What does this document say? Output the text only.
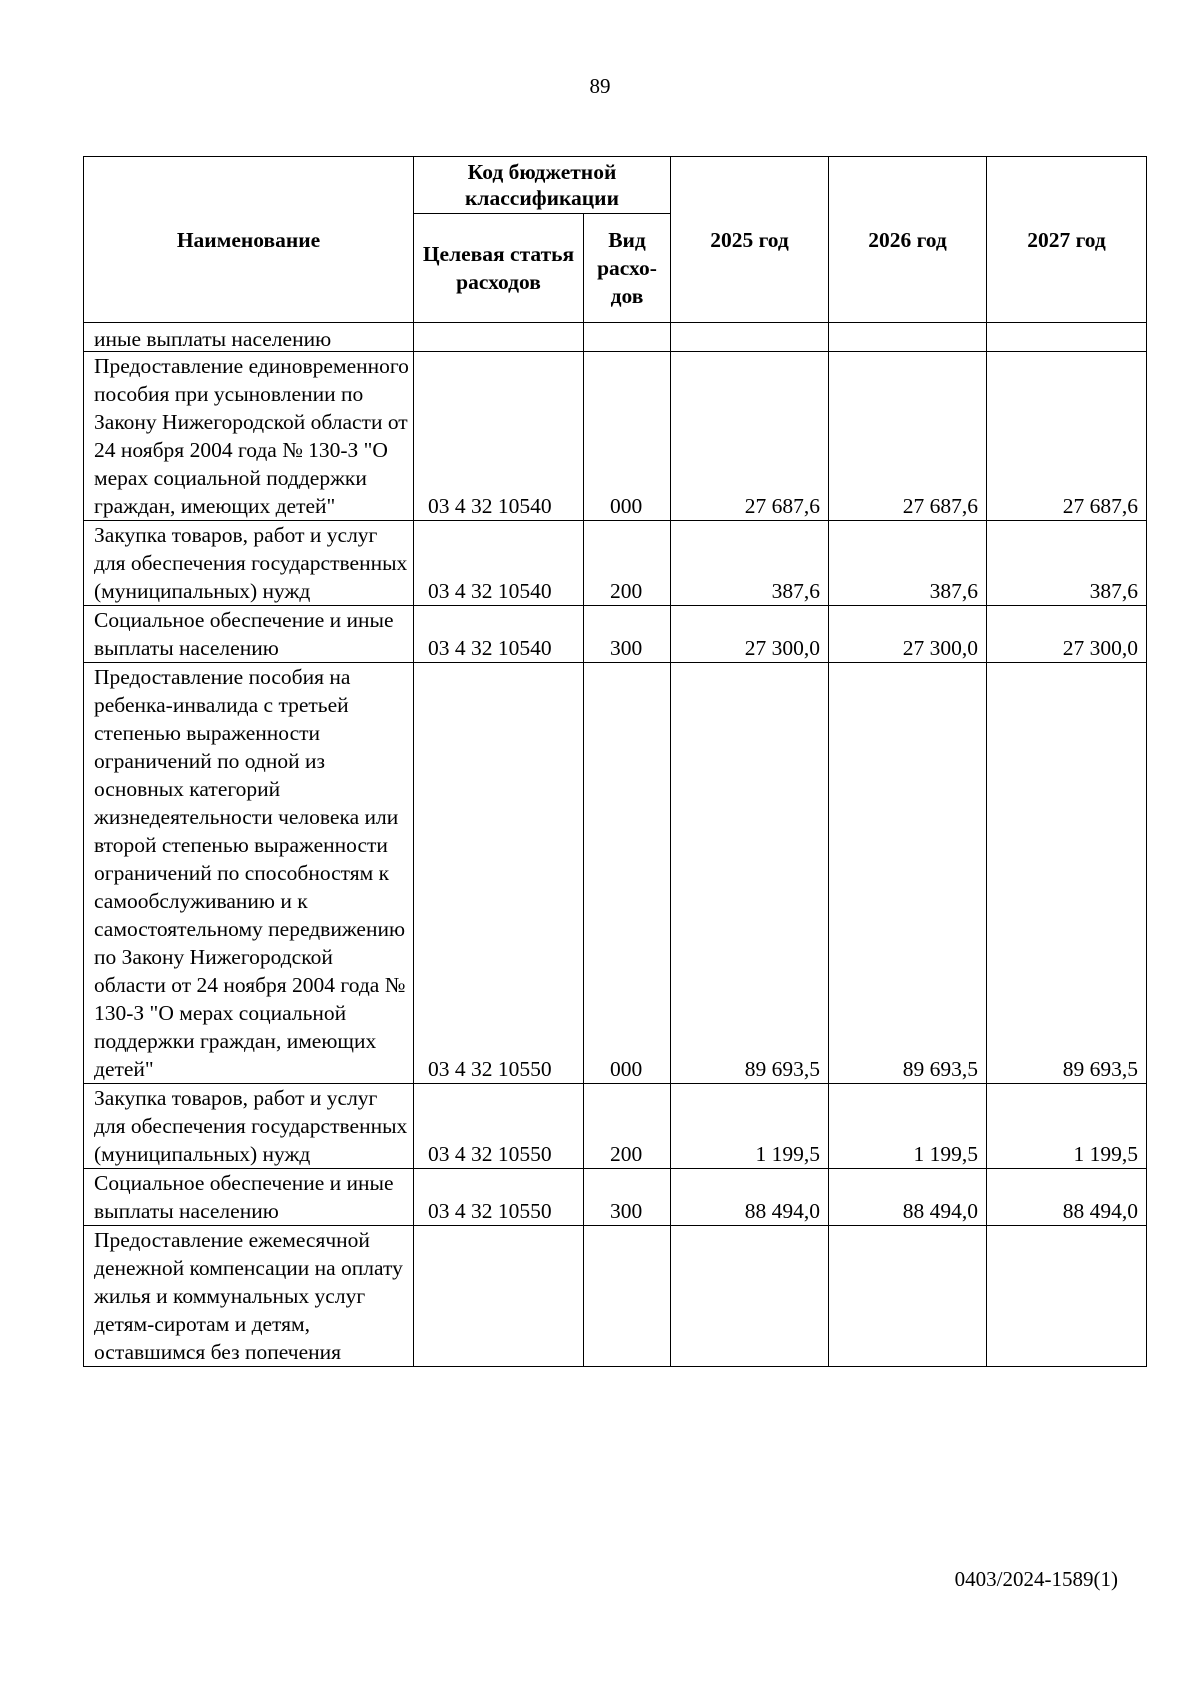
89
Наименование	Код бюджетной классификации		2025 год	2026 год	2027 год
	Целевая статья расходов	Вид расхо-дов			
иные выплаты населению					
Предоставление единовременного пособия при усыновлении по Закону Нижегородской области от 24 ноября 2004 года № 130-З "О мерах социальной поддержки граждан, имеющих детей"	03 4 32 10540	000	27 687,6	27 687,6	27 687,6
Закупка товаров, работ и услуг для обеспечения государственных (муниципальных) нужд	03 4 32 10540	200	387,6	387,6	387,6
Социальное обеспечение и иные выплаты населению	03 4 32 10540	300	27 300,0	27 300,0	27 300,0
Предоставление пособия на ребенка-инвалида с третьей степенью выраженности ограничений по одной из основных категорий жизнедеятельности человека или второй степенью выраженности ограничений по способностям к самообслуживанию и к самостоятельному передвижению по Закону Нижегородской области от 24 ноября 2004 года № 130-З "О мерах социальной поддержки граждан, имеющих детей"	03 4 32 10550	000	89 693,5	89 693,5	89 693,5
Закупка товаров, работ и услуг для обеспечения государственных (муниципальных) нужд	03 4 32 10550	200	1 199,5	1 199,5	1 199,5
Социальное обеспечение и иные выплаты населению	03 4 32 10550	300	88 494,0	88 494,0	88 494,0
Предоставление ежемесячной денежной компенсации на оплату жилья и коммунальных услуг детям-сиротам и детям, оставшимся без попечения					
0403/2024-1589(1)
